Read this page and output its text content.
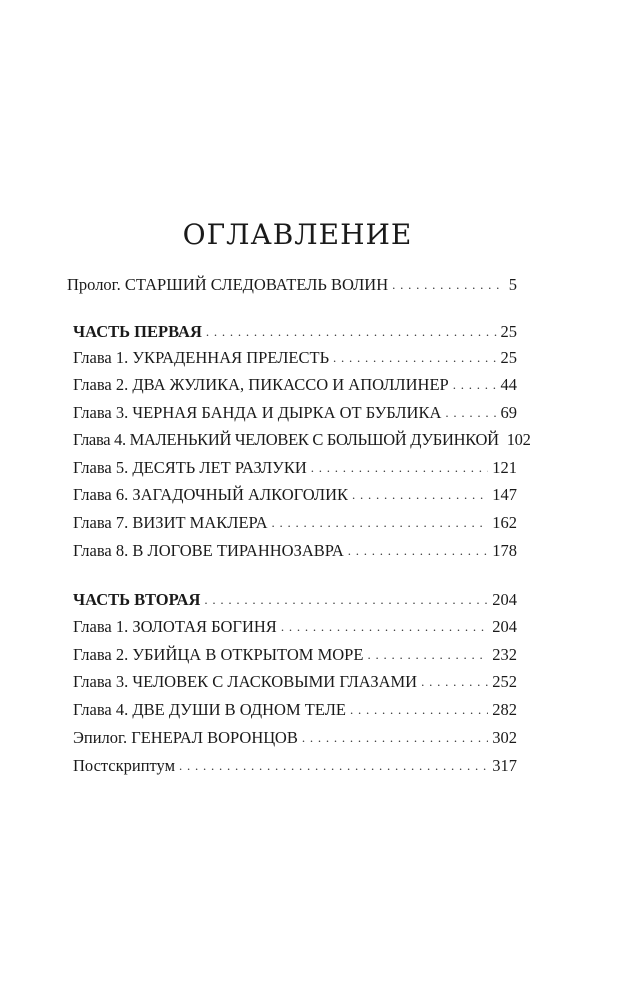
ОГЛАВЛЕНИЕ
Пролог. СТАРШИЙ СЛЕДОВАТЕЛЬ ВОЛИН . . .	5
ЧАСТЬ ПЕРВАЯ . . .	25
Глава 1. УКРАДЕННАЯ ПРЕЛЕСТЬ . . .	25
Глава 2. ДВА ЖУЛИКА, ПИКАССО И АПОЛЛИНЕР . . .	44
Глава 3. ЧЕРНАЯ БАНДА И ДЫРКА ОТ БУБЛИКА . . .	69
Глава 4. МАЛЕНЬКИЙ ЧЕЛОВЕК С БОЛЬШОЙ ДУБИНКОЙ 102
Глава 5. ДЕСЯТЬ ЛЕТ РАЗЛУКИ . . .	121
Глава 6. ЗАГАДОЧНЫЙ АЛКОГОЛИК . . .	147
Глава 7. ВИЗИТ МАКЛЕРА . . .	162
Глава 8. В ЛОГОВЕ ТИРАННОЗАВРА . . .	178
ЧАСТЬ ВТОРАЯ . . .	204
Глава 1. ЗОЛОТАЯ БОГИНЯ . . .	204
Глава 2. УБИЙЦА В ОТКРЫТОМ МОРЕ . . .	232
Глава 3. ЧЕЛОВЕК С ЛАСКОВЫМИ ГЛАЗАМИ . . .	252
Глава 4. ДВЕ ДУШИ В ОДНОМ ТЕЛЕ . . .	282
Эпилог. ГЕНЕРАЛ ВОРОНЦОВ . . .	302
Постскриптум . . .	317
